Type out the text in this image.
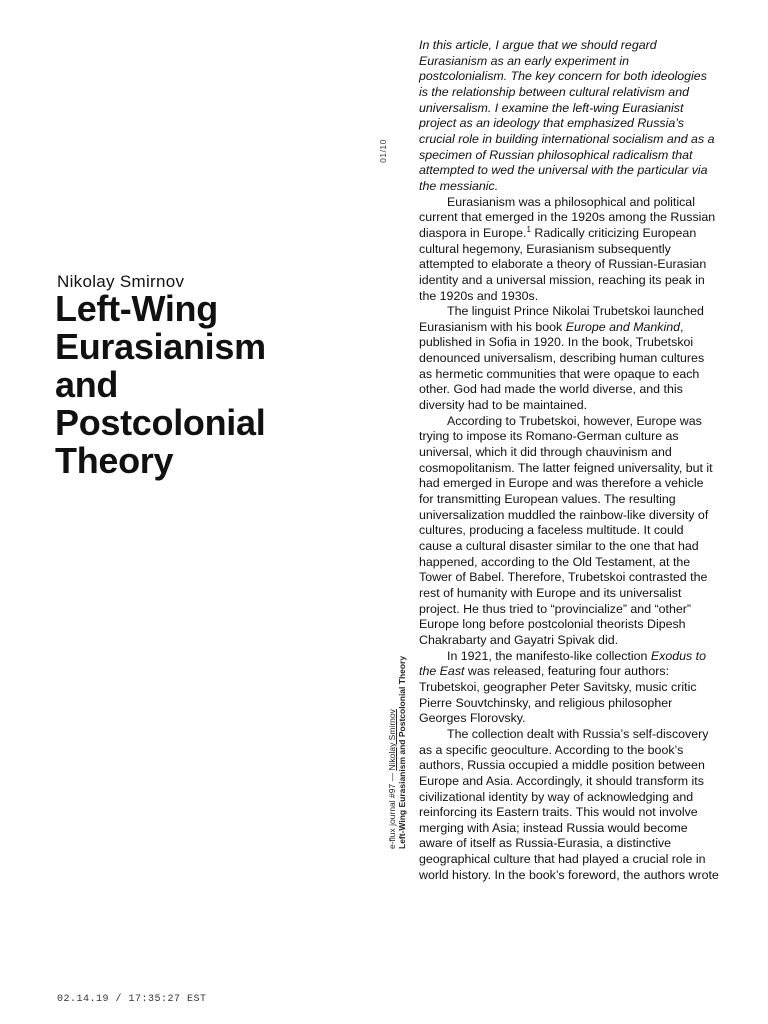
Nikolay Smirnov
Left-Wing
Eurasianism
and
Postcolonial
Theory
01/10
e-flux journal #97 — Nikolay Smirnov Left-Wing Eurasianism and Postcolonial Theory

In this article, I argue that we should regard Eurasianism as an early experiment in postcolonialism. The key concern for both ideologies is the relationship between cultural relativism and universalism. I examine the left-wing Eurasianist project as an ideology that emphasized Russia’s crucial role in building international socialism and as a specimen of Russian philosophical radicalism that attempted to wed the universal with the particular via the messianic.

Eurasianism was a philosophical and political current that emerged in the 1920s among the Russian diaspora in Europe.$^1$ Radically criticizing European cultural hegemony, Eurasianism subsequently attempted to elaborate a theory of Russian-Eurasian identity and a universal mission, reaching its peak in the 1920s and 1930s.

The linguist Prince Nikolai Trubetskoi launched Eurasianism with his book Europe and Mankind, published in Sofia in 1920. In the book, Trubetskoi denounced universalism, describing human cultures as hermetic communities that were opaque to each other. God had made the world diverse, and this diversity had to be maintained.

According to Trubetskoi, however, Europe was trying to impose its Romano-German culture as universal, which it did through chauvinism and cosmopolitanism. The latter feigned universality, but it had emerged in Europe and was therefore a vehicle for transmitting European values. The resulting universalization muddled the rainbow-like diversity of cultures, producing a faceless multitude. It could cause a cultural disaster similar to the one that had happened, according to the Old Testament, at the Tower of Babel. Therefore, Trubetskoi contrasted the rest of humanity with Europe and its universalist project. He thus tried to “provincialize” and “other” Europe long before postcolonial theorists Dipesh Chakrabarty and Gayatri Spivak did.

In 1921, the manifesto-like collection Exodus to the East was released, featuring four authors: Trubetskoi, geographer Peter Savitsky, music critic Pierre Souvtchinsky, and religious philosopher Georges Florovsky.

The collection dealt with Russia’s self-discovery as a specific geoculture. According to the book’s authors, Russia occupied a middle position between Europe and Asia. Accordingly, it should transform its civilizational identity by way of acknowledging and reinforcing its Eastern traits. This would not involve merging with Asia; instead Russia would become aware of itself as Russia-Eurasia, a distinctive geographical culture that had played a crucial role in world history. In the book’s foreword, the authors wrote

02.14.19 / 17:35:27 EST
